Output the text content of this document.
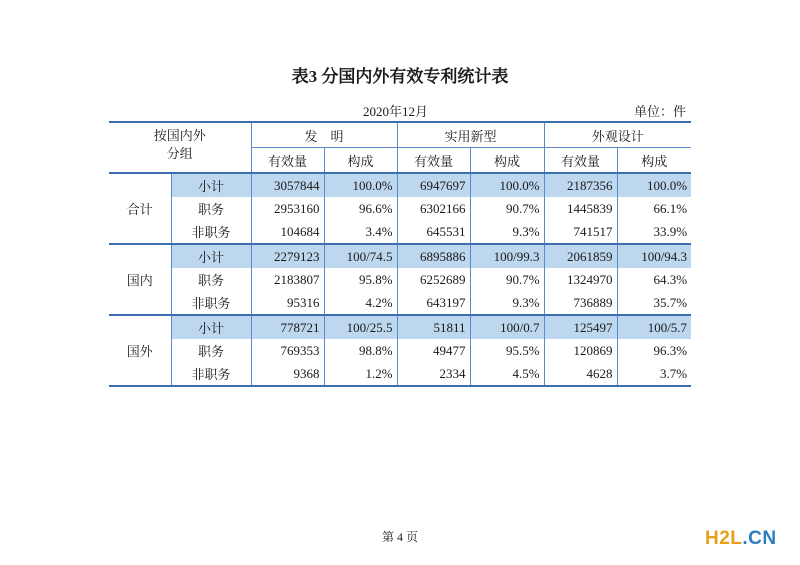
表3 分国内外有效专利统计表
2020年12月	单位：件
按国内外
分组		发　明		实用新型		外观设计	
		有效量	构成	有效量	构成	有效量	构成
合计	小计	3057844	100.0%	6947697	100.0%	2187356	100.0%
	职务	2953160	96.6%	6302166	90.7%	1445839	66.1%
	非职务	104684	3.4%	645531	9.3%	741517	33.9%
国内	小计	2279123	100/74.5	6895886	100/99.3	2061859	100/94.3
	职务	2183807	95.8%	6252689	90.7%	1324970	64.3%
	非职务	95316	4.2%	643197	9.3%	736889	35.7%
国外	小计	778721	100/25.5	51811	100/0.7	125497	100/5.7
	职务	769353	98.8%	49477	95.5%	120869	96.3%
	非职务	9368	1.2%	2334	4.5%	4628	3.7%
第 4 页	H2L.CN
